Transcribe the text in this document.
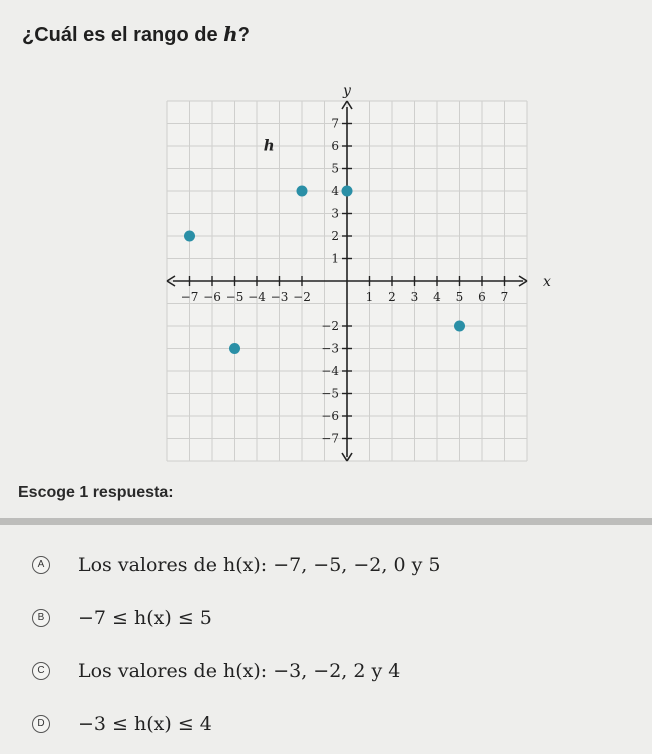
¿Cuál es el rango de h?
x
y
−7 −6 −5 −4 −3 −2	1 2 3 4 5 6 7
−7
−6
−5
−4
−3
−2
1
2
3
4
5
6
7
h
Escoge 1 respuesta:
A Los valores de h(x): −7, −5, −2, 0 y 5
B −7 ≤ h(x) ≤ 5
C Los valores de h(x): −3, −2, 2 y 4
D −3 ≤ h(x) ≤ 4
